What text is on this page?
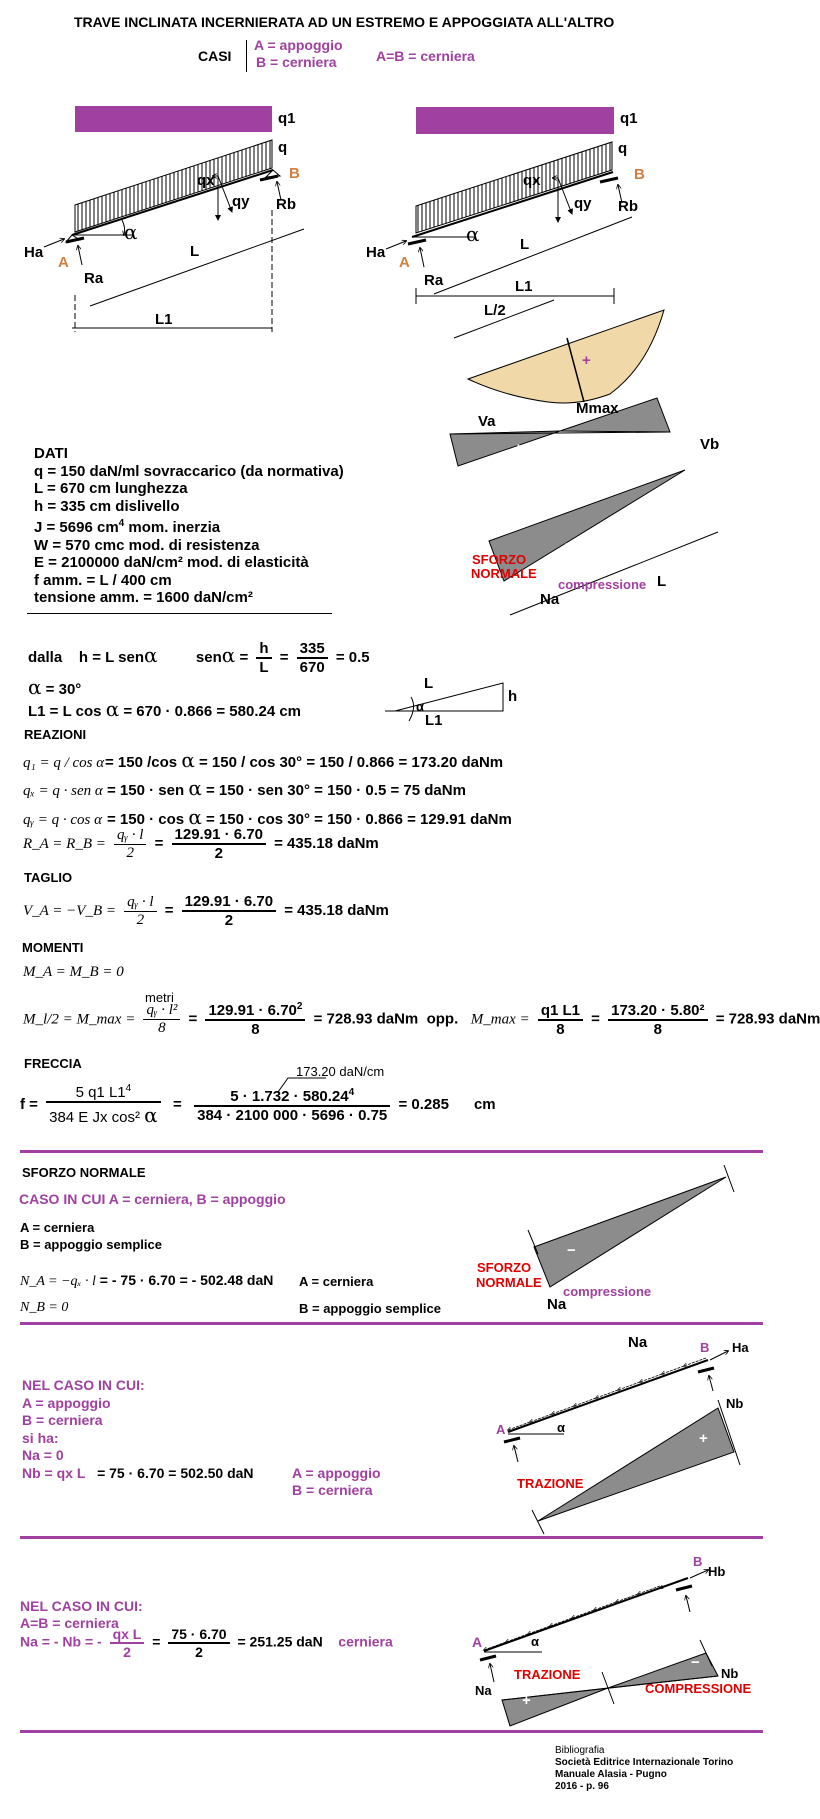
TRAVE INCLINATA INCERNIERATA AD UN ESTREMO E APPOGGIATA ALL'ALTRO
CASI
A = appoggio
B = cerniera	A=B = cerniera
q1
q
qx
qy
B
Rb
α
Ha
A
Ra
L
L1
q1
q
qx
qy
B
Rb
α
Ha
A
Ra
L
L1
L/2
+
Mmax
Va
+
−
Vb
−
SFORZO
NORMALE
compressione
Na
L
DATI
q = 150 daN/ml sovraccarico (da normativa)
L = 670 cm lunghezza
h = 335 cm dislivello
J = 5696 $cm^4$ mom. inerzia
W = 570 cmc mod. di resistenza
E = 2100000 daN/cm² mod. di elasticità
f amm. = L / 400 cm
tensione amm. = 1600 daN/cm²
dalla h = L senα	$sen\alpha = \frac{h}{L} = \frac{335}{670} = 0.5$
α = 30°
L1 = L cos α = 670 · 0.866 = 580.24 cm
L
h
α
L1
REAZIONI
q₁ = q / cos α= 150 /cos α = 150 / cos 30° = 150 / 0.866 = 173.20 daNm
qₓ = q · sen α = 150 · sen α = 150 · sen 30° = 150 · 0.5 = 75 daNm
qᵧ = q · cos α = 150 · cos α = 150 · cos 30° = 150 · 0.866 = 129.91 daNm
R_A = R_B = $\frac{\text{qᵧ · l}}{2} = \frac{129.91 \cdot 6.70}{2} = 435.18$ daNm
TAGLIO
V_A = −V_B = $\frac{\text{qᵧ · l}}{2} = \frac{129.91 \cdot 6.70}{2} = 435.18$ daNm
MOMENTI
M_A = M_B = 0
metri
M_l/2 = M_max = $\frac{\text{qᵧ · l²}}{8} = \frac{129.91 \cdot 6.70^2}{8} = 728.93$ daNm opp. M_max = $\frac{q1 L1}{8} = \frac{\text{173.20 · 5.80²}}{8} = 728.93$ daNm
FRECCIA
173.20 daN/cm
$f = \frac{5 q1 L1^4}{\text{384 E Jx cos² α}} = \frac{5 \cdot 1.732 \cdot 580.24^4}{384 \cdot 2100 000 \cdot 5696 \cdot 0.75} = 0.285$ cm
SFORZO NORMALE
CASO IN CUI A = cerniera, B = appoggio
A = cerniera
B = appoggio semplice
N_A = −qₓ · l = - 75 · 6.70 = - 502.48 daN A = cerniera
N_B = 0	B = appoggio semplice
−
SFORZO
NORMALE
compressione
Na
NEL CASO IN CUI:
A = appoggio
B = cerniera
si ha:
Na = 0
Nb = qx L = 75 · 6.70 = 502.50 daN	A = appoggio
B = cerniera
Na	B Ha
A	α
Nb
+
TRAZIONE
NEL CASO IN CUI:
A=B = cerniera
Na = - Nb = - $\frac{\text{qx L}}{2} = \frac{75 \cdot 6.70}{2} = 251.25$ daN cerniera
B
Hb
A	α
Nb
−
TRAZIONE
COMPRESSIONE
Na
+
Bibliografia
Società Editrice Internazionale Torino
Manuale Alasia - Pugno
2016 - p. 96
